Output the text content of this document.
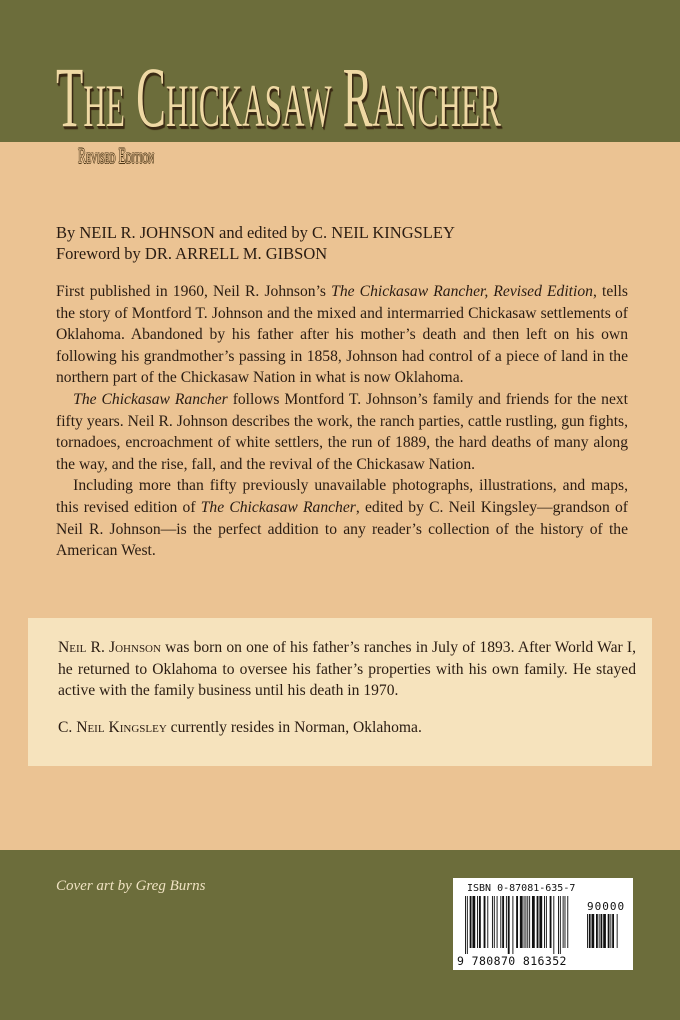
The Chickasaw Rancher
Revised Edition
By NEIL R. JOHNSON and edited by C. NEIL KINGSLEY
Foreword by DR. ARRELL M. GIBSON

First published in 1960, Neil R. Johnson’s The Chickasaw Rancher, Revised Edition, tells the story of Montford T. Johnson and the mixed and intermarried Chickasaw settlements of Oklahoma. Abandoned by his father after his mother’s death and then left on his own following his grandmother’s passing in 1858, Johnson had control of a piece of land in the northern part of the Chickasaw Nation in what is now Oklahoma.

The Chickasaw Rancher follows Montford T. Johnson’s family and friends for the next fifty years. Neil R. Johnson describes the work, the ranch parties, cattle rustling, gun fights, tornadoes, encroachment of white settlers, the run of 1889, the hard deaths of many along the way, and the rise, fall, and the revival of the Chickasaw Nation.

Including more than fifty previously unavailable photographs, illustrations, and maps, this revised edition of The Chickasaw Rancher, edited by C. Neil Kingsley—grandson of Neil R. Johnson—is the perfect addition to any reader’s collection of the history of the American West.

Neil R. Johnson was born on one of his father’s ranches in July of 1893. After World War I, he returned to Oklahoma to oversee his father’s properties with his own family. He stayed active with the family business until his death in 1970.

C. Neil Kingsley currently resides in Norman, Oklahoma.

Cover art by Greg Burns	ISBN 0-87081-635-7
90000
9 780870 816352
